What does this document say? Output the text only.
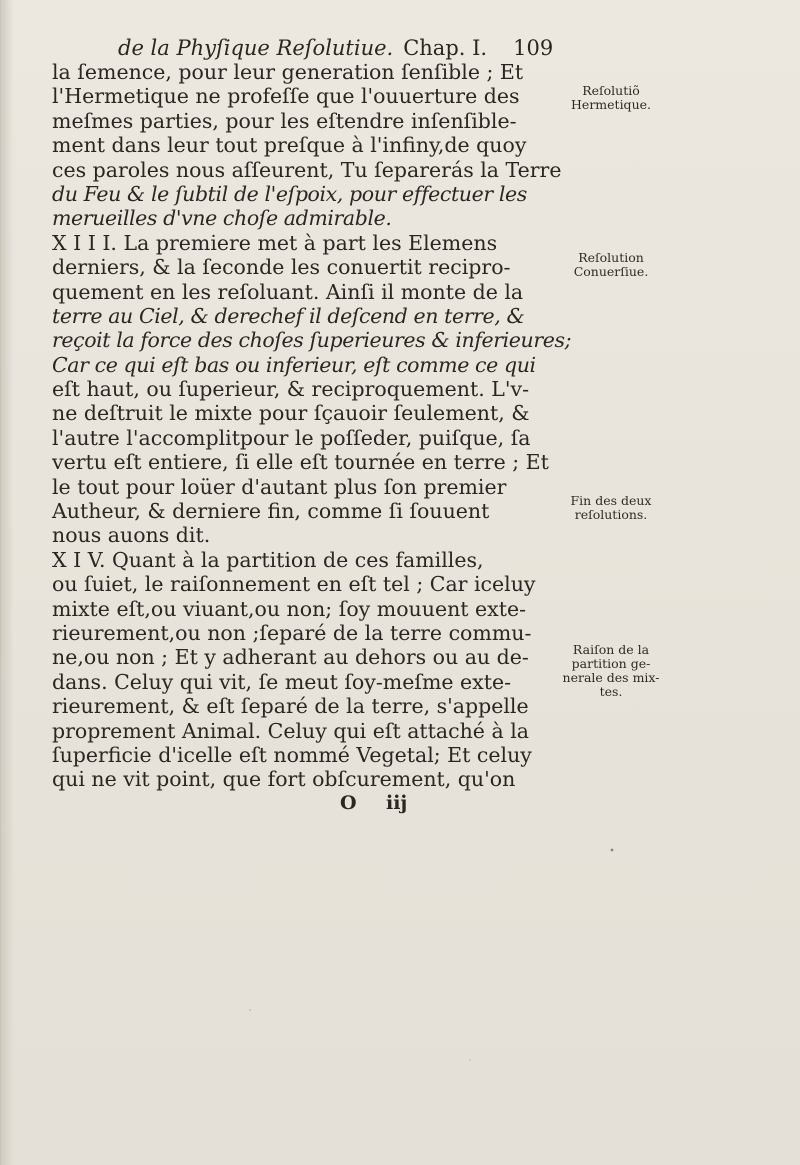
de la Phyſique Reſolutiue. Chap. I. 109
la ſemence, pour leur generation ſenſible ; Et
l'Hermetique ne profeſſe que l'ouuerture des
meſmes parties, pour les eſtendre inſenſible-
ment dans leur tout preſque à l'infiny,de quoy
ces paroles nous aſſeurent, Tu ſeparerás la Terre
du Feu & le ſubtil de l'eſpoix, pour effectuer les
merueilles d'vne choſe admirable.
X I I I. La premiere met à part les Elemens
derniers, & la ſeconde les conuertit recipro-
quement en les reſoluant. Ainſi il monte de la
terre au Ciel, & derechef il deſcend en terre, &
reçoit la force des choſes ſuperieures & inferieures;
Car ce qui eſt bas ou inferieur, eſt comme ce qui
eſt haut, ou ſuperieur, & reciproquement. L'v-
ne deſtruit le mixte pour ſçauoir ſeulement, &
l'autre l'accomplitpour le poſſeder, puiſque, ſa
vertu eſt entiere, ſi elle eſt tournée en terre ; Et
le tout pour loüer d'autant plus ſon premier
Autheur, & derniere fin, comme ſi ſouuent
nous auons dit.
X I V. Quant à la partition de ces familles,
ou ſuiet, le raiſonnement en eſt tel ; Car iceluy
mixte eſt,ou viuant,ou non; ſoy mouuent exte-
rieurement,ou non ;ſeparé de la terre commu-
ne,ou non ; Et y adherant au dehors ou au de-
dans. Celuy qui vit, ſe meut ſoy-meſme exte-
rieurement, & eſt ſeparé de la terre, s'appelle
proprement Animal. Celuy qui eſt attaché à la
ſuperficie d'icelle eſt nommé Vegetal; Et celuy
qui ne vit point, que fort obſcurement, qu'on
Reſolutiõ
Hermetique.
Reſolution
Conuerſiue.
Fin des deux
reſolutions.
Raiſon de la
partition ge-
nerale des mix-
tes.
O iij
